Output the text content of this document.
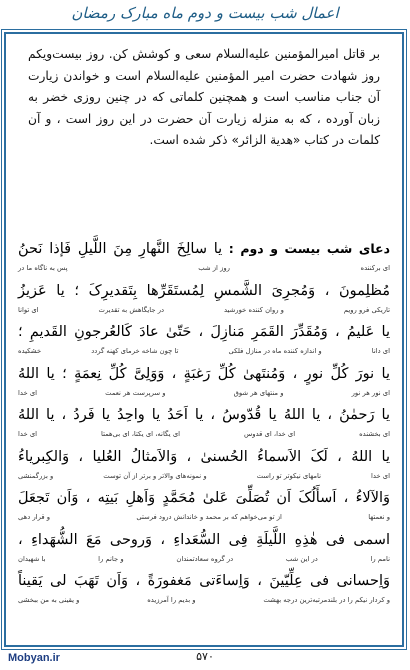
اعمال شب بیست و دوم ماه مبارک رمضان

بر قاتل امیرالمؤمنین علیه‌السلام سعی و کوشش کن. روز بیست‌ویکم روز شهادت حضرت امیر المؤمنین علیه‌السلام است و خواندن زیارت آن جناب مناسب است و همچنین کلماتی که در چنین روزی خضر به زبان آورده ، که به منزله زیارت آن حضرت در این روز است ، و آن کلمات در کتاب «هدیة الزائر» ذکر شده است.

دعای شب بیست و دوم : یا سالِخَ النَّهارِ مِنَ اللَّیلِ فَإذا نَحنُ
ای برکننده
روز از شب
پس به ناگاه ما در
مُظلِمونَ ، وَمُجرِیَ الشَّمسِ لِمُستَقَرِّها بِتَقدیرِکَ ؛ یا عَزیزُ
تاریکی فرو رویم
و روان کننده خورشید
در جایگاهش به تقدیرت
ای توانا
یا عَلیمُ ، وَمُقَدِّرَ القَمَرِ مَنازِلَ ، حَتّیٰ عادَ کَالعُرجونِ القَدیمِ ؛
ای دانا
و اندازه کننده ماه در منازل فلکی
تا چون شاخه خرمای کهنه گردد
خشکیده
یا نورَ کُلِّ نورٍ ، وَمُنتَهیٰ کُلِّ رَغبَةٍ ، وَوَلِیَّ کُلِّ نِعمَةٍ ؛ یا اللهُ
ای نور هر نور
و منتهای هر شوق
و سرپرست هر نعمت
ای خدا
یا رَحمٰنُ ، یا اللهُ یا قُدّوسُ ، یا اَحَدُ یا واحِدُ یا فَردُ ، یا اللهُ
ای بخشنده
ای خدا، ای قدوس
ای یگانه، ای یکتا، ای بی‌همتا
ای خدا
یا اللهُ ، لَکَ الاَسماءُ الحُسنیٰ ، وَالاَمثالُ العُلیا ، وَالکِبریاءُ
ای خدا
نامهای نیکوتر تو راست
و نمونه‌های والاتر و برتر از آن توست
و بزرگمنشی
وَالآلاءُ ، اَسأَلُکَ اَن تُصَلِّیَ عَلیٰ مُحَمَّدٍ وَاَهلِ بَیتِه ، وَاَن تَجعَلَ
و نعمتها
از تو می‌خواهم که بر محمد و خاندانش درود فرستی
و قرار دهی
اسمی فی هٰذِهِ اللَّیلَةِ فِی السُّعَداءِ ، وَروحی مَعَ الشُّهَداءِ ،
نامم را
در این شب
در گروه سعادتمندان
و جانم را
با شهیدان
وَاِحسانی فی عِلِّیّینَ ، وَاِساءَتی مَغفورَةً ، وَاَن تَهَبَ لی یَقیناً
و کردار نیکم را در بلندمرتبه‌ترین درجه بهشت
و بدیم را آمرزیده
و یقینی به من ببخشی
۵۷۰
Mobyan.ir
